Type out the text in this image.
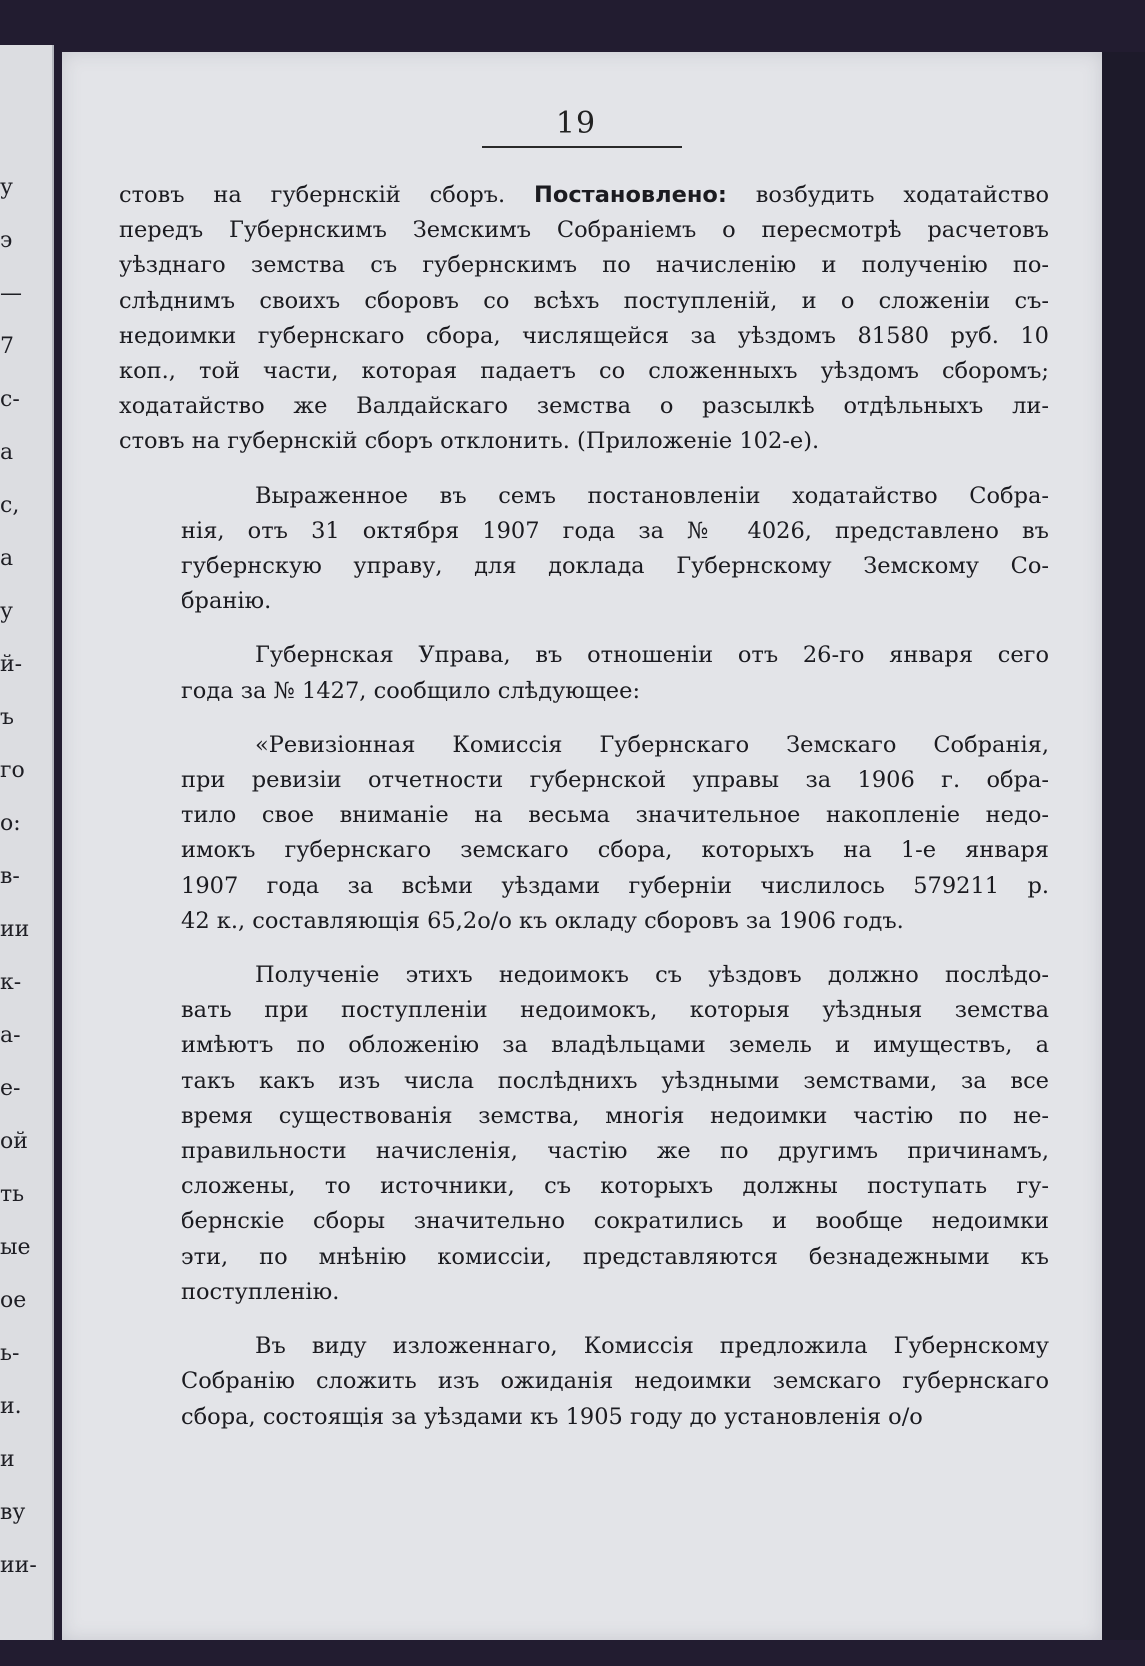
у
э
—
7
с-
а
с,
а
у
й-
ъ
го
о:
в-
ии
к-
а-
е-
ой
ть
ые
ое
ь-
и.
и
ву
ии-
19

стовъ на губернскій сборъ. Постановлено: возбудить ходатайство
передъ Губернскимъ Земскимъ Собраніемъ о пересмотрѣ расчетовъ
уѣзднаго земства съ губернскимъ по начисленію и полученію по-
слѣднимъ своихъ сборовъ со всѣхъ поступленій, и о сложеніи съ-
недоимки губернскаго сбора, числящейся за уѣздомъ 81580 руб. 10
коп., той части, которая падаетъ со сложенныхъ уѣздомъ сборомъ;
ходатайство же Валдайскаго земства о разсылкѣ отдѣльныхъ ли-
стовъ на губернскій сборъ отклонить. (Приложеніе 102-е).

Выраженное въ семъ постановленіи ходатайство Собра-
нія, отъ 31 октября 1907 года за № 4026, представлено въ
губернскую управу, для доклада Губернскому Земскому Со-
бранію.

Губернская Управа, въ отношеніи отъ 26-го января сего
года за № 1427, сообщило слѣдующее:

«Ревизіонная Комиссія Губернскаго Земскаго Собранія,
при ревизіи отчетности губернской управы за 1906 г. обра-
тило свое вниманіе на весьма значительное накопленіе недо-
имокъ губернскаго земскаго сбора, которыхъ на 1-е января
1907 года за всѣми уѣздами губерніи числилось 579211 р.
42 к., составляющія 65,2о/о къ окладу сборовъ за 1906 годъ.

Полученіе этихъ недоимокъ съ уѣздовъ должно послѣдо-
вать при поступленіи недоимокъ, которыя уѣздныя земства
имѣютъ по обложенію за владѣльцами земель и имуществъ, а
такъ какъ изъ числа послѣднихъ уѣздными земствами, за все
время существованія земства, многія недоимки частію по не-
правильности начисленія, частію же по другимъ причинамъ,
сложены, то источники, съ которыхъ должны поступать гу-
бернскіе сборы значительно сократились и вообще недоимки
эти, по мнѣнію комиссіи, представляются безнадежными къ
поступленію.

Въ виду изложеннаго, Комиссія предложила Губернскому
Собранію сложить изъ ожиданія недоимки земскаго губернскаго
сбора, состоящія за уѣздами къ 1905 году до установленія о/о
